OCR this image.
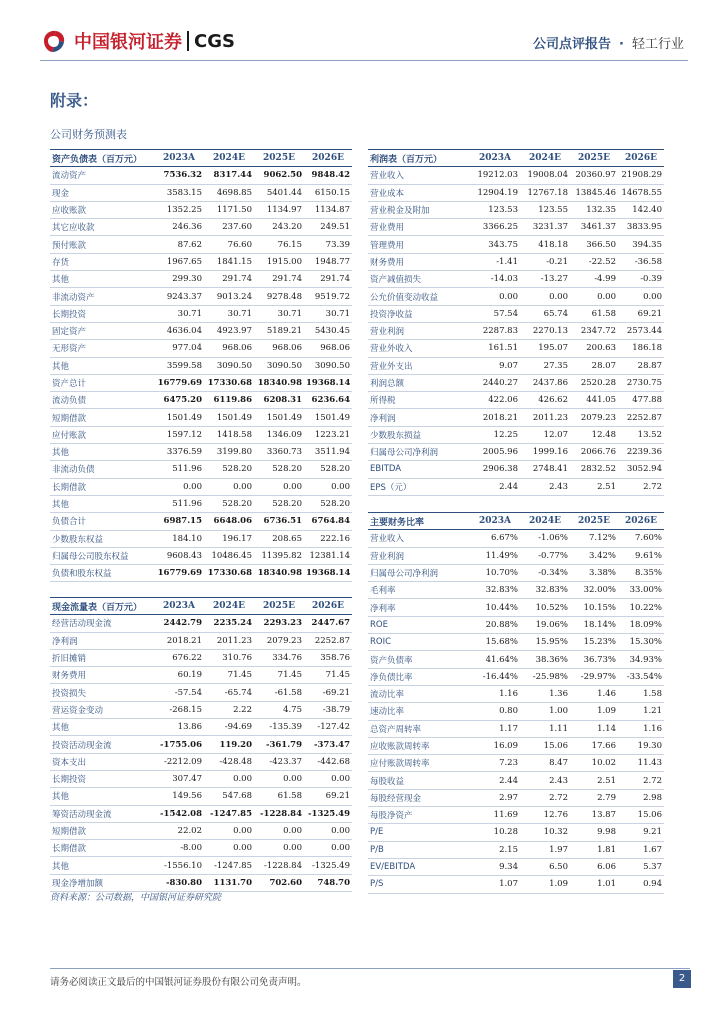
中国银河证券 CGS	公司点评报告 · 轻工行业
附录：
公司财务预测表
资产负债表（百万元）	2023A	2024E	2025E	2026E
流动资产	7536.32	8317.44	9062.50	9848.42
现金	3583.15	4698.85	5401.44	6150.15
应收账款	1352.25	1171.50	1134.97	1134.87
其它应收款	246.36	237.60	243.20	249.51
预付账款	87.62	76.60	76.15	73.39
存货	1967.65	1841.15	1915.00	1948.77
其他	299.30	291.74	291.74	291.74
非流动资产	9243.37	9013.24	9278.48	9519.72
长期投资	30.71	30.71	30.71	30.71
固定资产	4636.04	4923.97	5189.21	5430.45
无形资产	977.04	968.06	968.06	968.06
其他	3599.58	3090.50	3090.50	3090.50
资产总计	16779.69	17330.68	18340.98	19368.14
流动负债	6475.20	6119.86	6208.31	6236.64
短期借款	1501.49	1501.49	1501.49	1501.49
应付账款	1597.12	1418.58	1346.09	1223.21
其他	3376.59	3199.80	3360.73	3511.94
非流动负债	511.96	528.20	528.20	528.20
长期借款	0.00	0.00	0.00	0.00
其他	511.96	528.20	528.20	528.20
负债合计	6987.15	6648.06	6736.51	6764.84
少数股东权益	184.10	196.17	208.65	222.16
归属母公司股东权益	9608.43	10486.45	11395.82	12381.14
负债和股东权益	16779.69	17330.68	18340.98	19368.14
利润表（百万元）	2023A	2024E	2025E	2026E
营业收入	19212.03	19008.04	20360.97	21908.29
营业成本	12904.19	12767.18	13845.46	14678.55
营业税金及附加	123.53	123.55	132.35	142.40
营业费用	3366.25	3231.37	3461.37	3833.95
管理费用	343.75	418.18	366.50	394.35
财务费用	-1.41	-0.21	-22.52	-36.58
资产减值损失	-14.03	-13.27	-4.99	-0.39
公允价值变动收益	0.00	0.00	0.00	0.00
投资净收益	57.54	65.74	61.58	69.21
营业利润	2287.83	2270.13	2347.72	2573.44
营业外收入	161.51	195.07	200.63	186.18
营业外支出	9.07	27.35	28.07	28.87
利润总额	2440.27	2437.86	2520.28	2730.75
所得税	422.06	426.62	441.05	477.88
净利润	2018.21	2011.23	2079.23	2252.87
少数股东损益	12.25	12.07	12.48	13.52
归属母公司净利润	2005.96	1999.16	2066.76	2239.36
EBITDA	2906.38	2748.41	2832.52	3052.94
EPS（元）	2.44	2.43	2.51	2.72
主要财务比率	2023A	2024E	2025E	2026E
营业收入	6.67%	-1.06%	7.12%	7.60%
营业利润	11.49%	-0.77%	3.42%	9.61%
归属母公司净利润	10.70%	-0.34%	3.38%	8.35%
毛利率	32.83%	32.83%	32.00%	33.00%
净利率	10.44%	10.52%	10.15%	10.22%
ROE	20.88%	19.06%	18.14%	18.09%
ROIC	15.68%	15.95%	15.23%	15.30%
资产负债率	41.64%	38.36%	36.73%	34.93%
净负债比率	-16.44%	-25.98%	-29.97%	-33.54%
流动比率	1.16	1.36	1.46	1.58
速动比率	0.80	1.00	1.09	1.21
总资产周转率	1.17	1.11	1.14	1.16
应收账款周转率	16.09	15.06	17.66	19.30
应付账款周转率	7.23	8.47	10.02	11.43
每股收益	2.44	2.43	2.51	2.72
每股经营现金	2.97	2.72	2.79	2.98
每股净资产	11.69	12.76	13.87	15.06
P/E	10.28	10.32	9.98	9.21
P/B	2.15	1.97	1.81	1.67
EV/EBITDA	9.34	6.50	6.06	5.37
P/S	1.07	1.09	1.01	0.94
现金流量表（百万元）	2023A	2024E	2025E	2026E
经营活动现金流	2442.79	2235.24	2293.23	2447.67
净利润	2018.21	2011.23	2079.23	2252.87
折旧摊销	676.22	310.76	334.76	358.76
财务费用	60.19	71.45	71.45	71.45
投资损失	-57.54	-65.74	-61.58	-69.21
营运资金变动	-268.15	2.22	4.75	-38.79
其他	13.86	-94.69	-135.39	-127.42
投资活动现金流	-1755.06	119.20	-361.79	-373.47
资本支出	-2212.09	-428.48	-423.37	-442.68
长期投资	307.47	0.00	0.00	0.00
其他	149.56	547.68	61.58	69.21
筹资活动现金流	-1542.08	-1247.85	-1228.84	-1325.49
短期借款	22.02	0.00	0.00	0.00
长期借款	-8.00	0.00	0.00	0.00
其他	-1556.10	-1247.85	-1228.84	-1325.49
现金净增加额	-830.80	1131.70	702.60	748.70
资料来源：公司数据，中国银河证券研究院
请务必阅读正文最后的中国银河证券股份有限公司免责声明。	2
